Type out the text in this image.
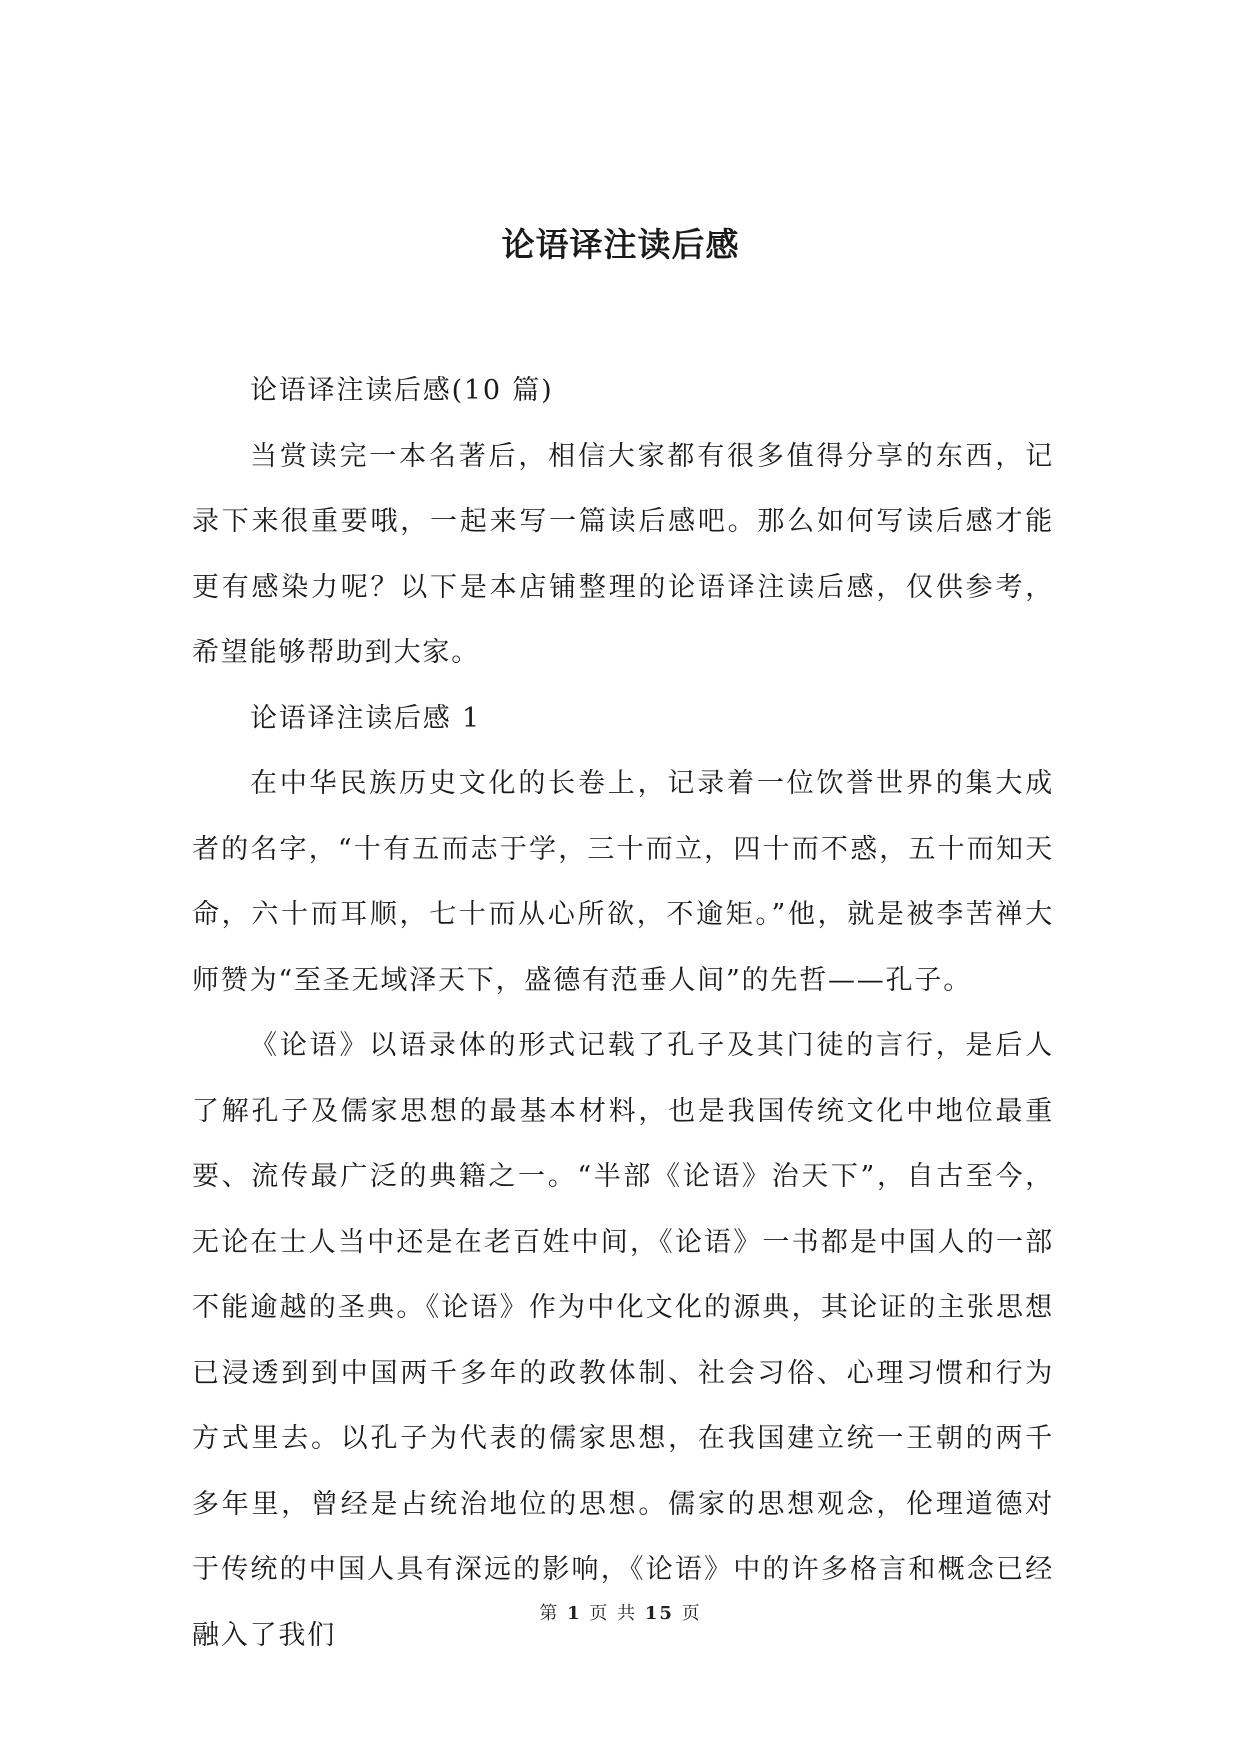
论语译注读后感

论语译注读后感(10 篇)

当赏读完一本名著后，相信大家都有很多值得分享的东西，记录下来很重要哦，一起来写一篇读后感吧。那么如何写读后感才能更有感染力呢？以下是本店铺整理的论语译注读后感，仅供参考，希望能够帮助到大家。

论语译注读后感 1

在中华民族历史文化的长卷上，记录着一位饮誉世界的集大成者的名字，“十有五而志于学，三十而立，四十而不惑，五十而知天命，六十而耳顺，七十而从心所欲，不逾矩。”他，就是被李苦禅大师赞为“至圣无域泽天下，盛德有范垂人间”的先哲——孔子。

《论语》以语录体的形式记载了孔子及其门徒的言行，是后人了解孔子及儒家思想的最基本材料，也是我国传统文化中地位最重要、流传最广泛的典籍之一。“半部《论语》治天下”，自古至今，无论在士人当中还是在老百姓中间，《论语》一书都是中国人的一部不能逾越的圣典。《论语》作为中化文化的源典，其论证的主张思想已浸透到到中国两千多年的政教体制、社会习俗、心理习惯和行为方式里去。以孔子为代表的儒家思想，在我国建立统一王朝的两千多年里，曾经是占统治地位的思想。儒家的思想观念，伦理道德对于传统的中国人具有深远的影响，《论语》中的许多格言和概念已经融入了我们

第 1 页 共 15 页
